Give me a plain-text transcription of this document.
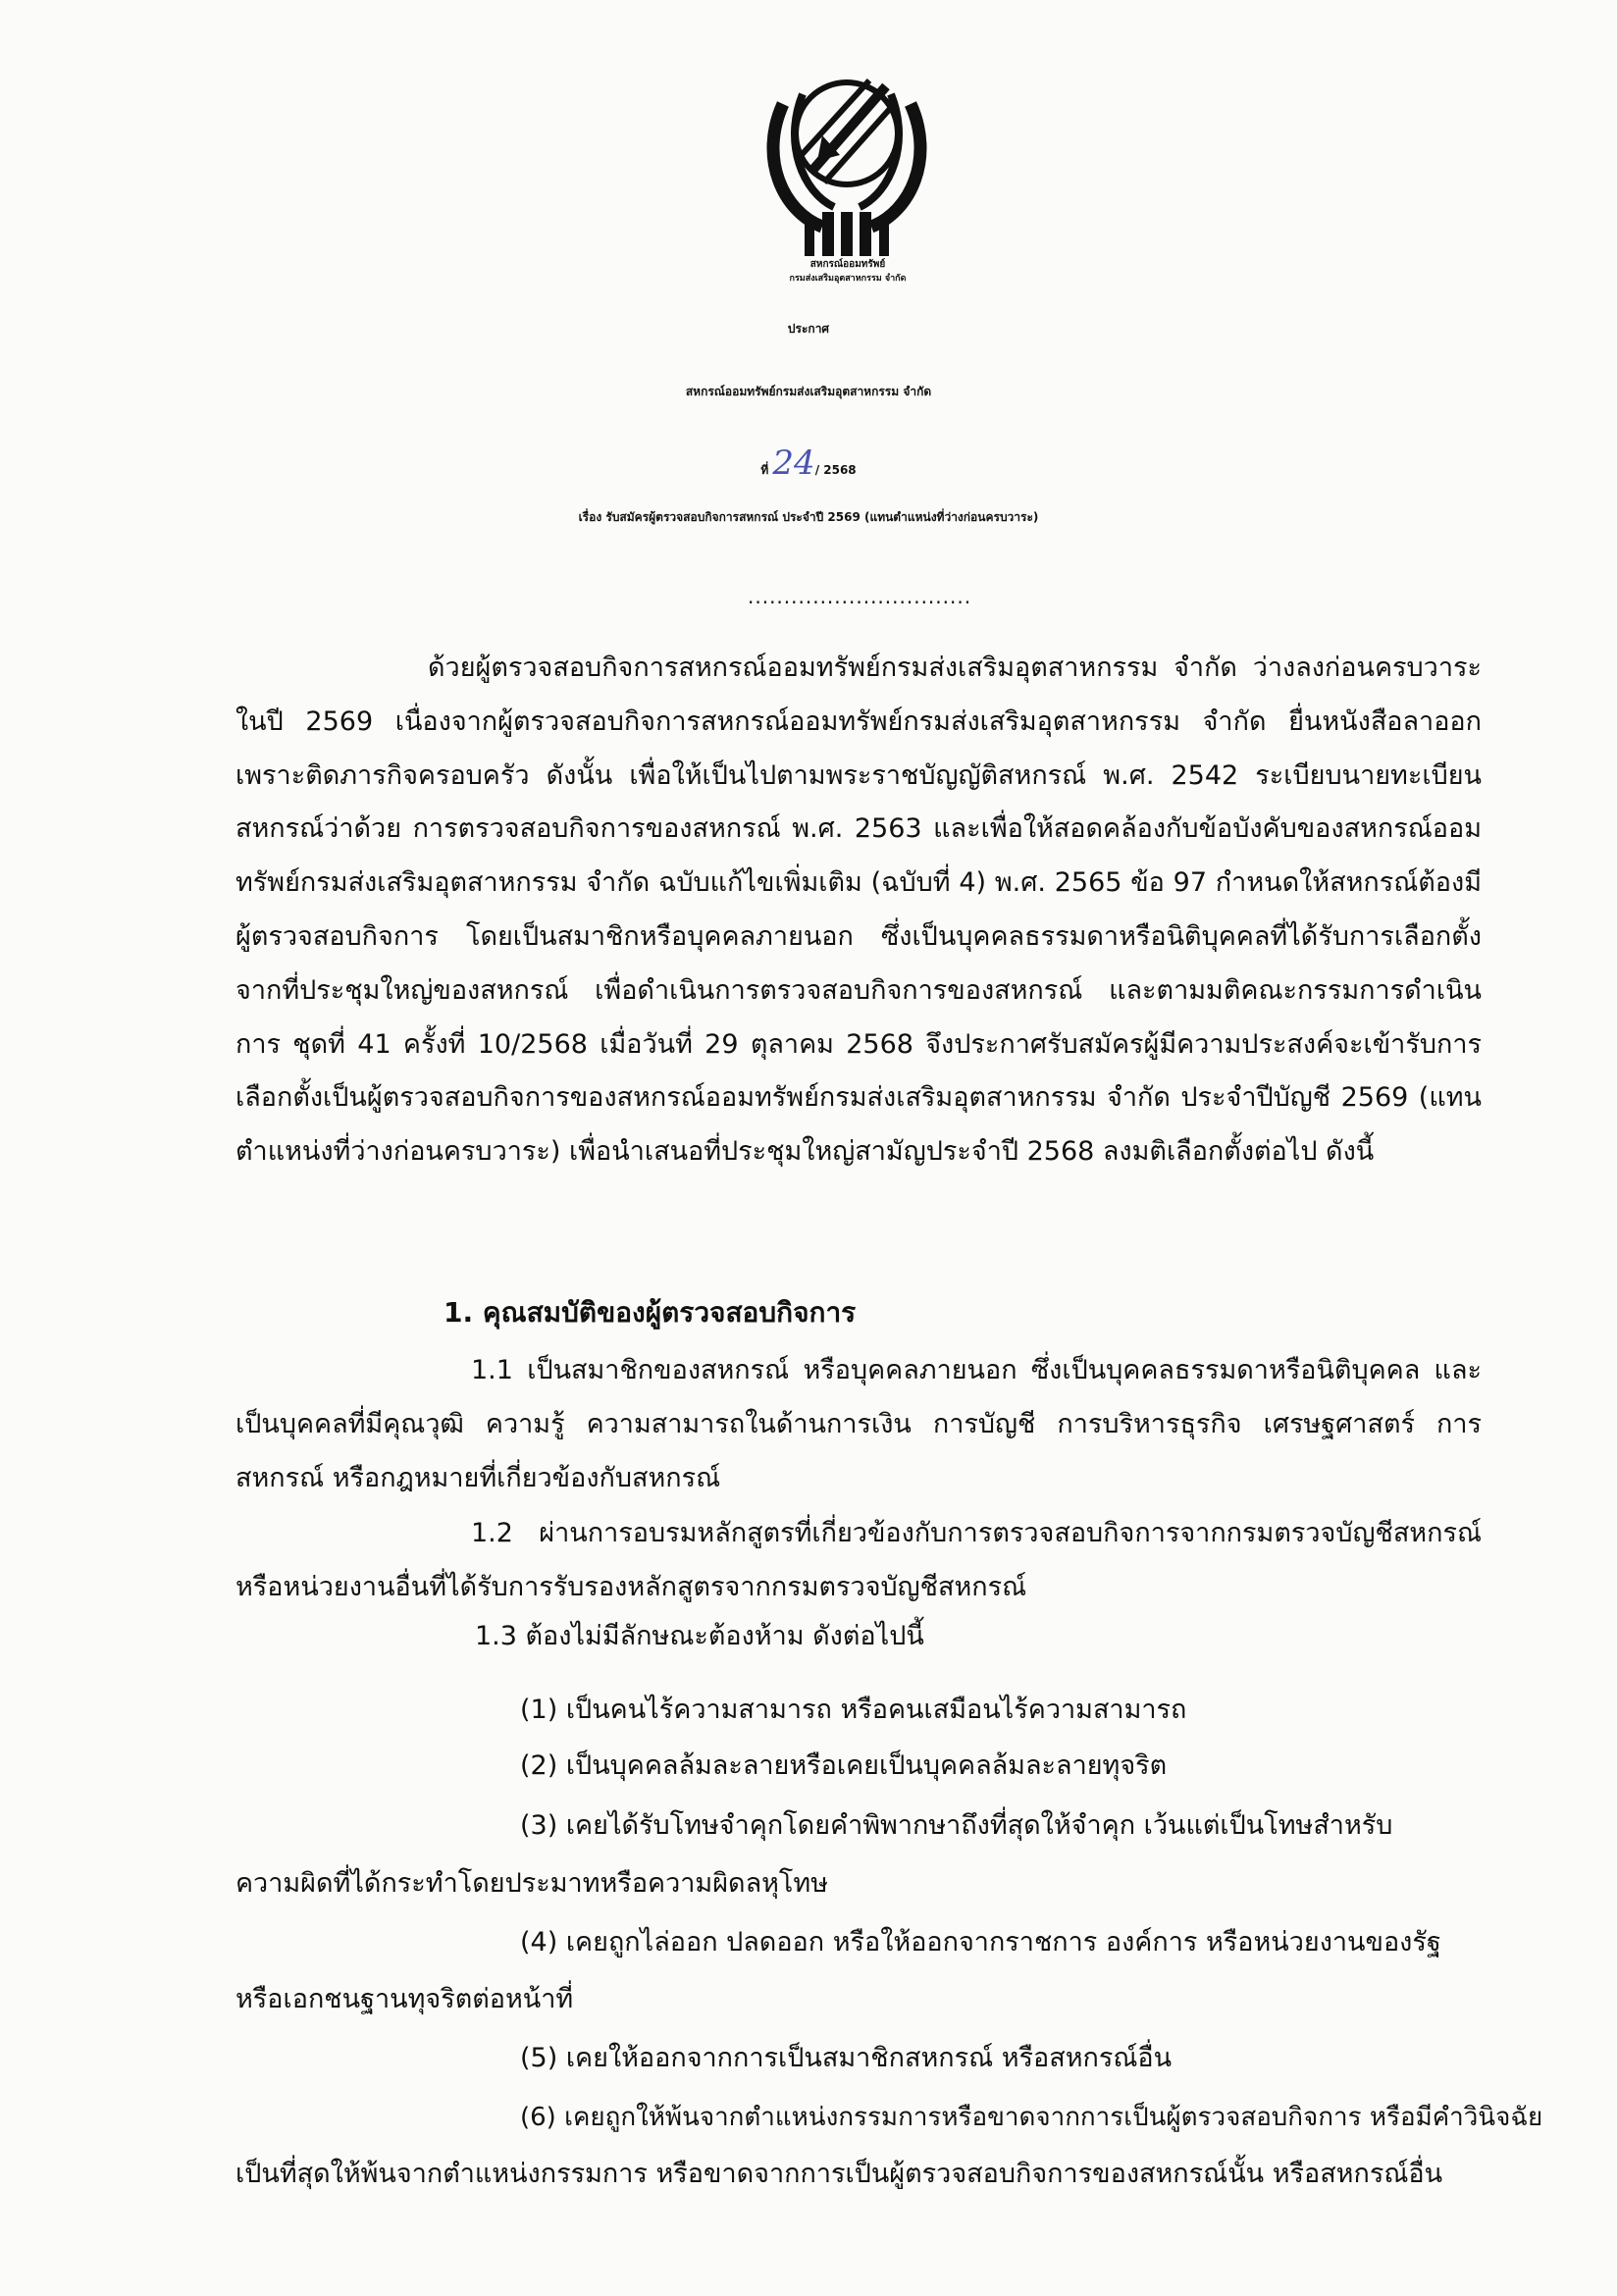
สหกรณ์ออมทรัพย์
กรมส่งเสริมอุตสาหกรรม จำกัด
ประกาศ
สหกรณ์ออมทรัพย์กรมส่งเสริมอุตสาหกรรม จำกัด
ที่ 24/ 2568
เรื่อง รับสมัครผู้ตรวจสอบกิจการสหกรณ์ ประจำปี 2569 (แทนตำแหน่งที่ว่างก่อนครบวาระ)
...............................
ด้วยผู้ตรวจสอบกิจการสหกรณ์ออมทรัพย์กรมส่งเสริมอุตสาหกรรม จำกัด ว่างลงก่อนครบวาระ ในปี 2569 เนื่องจากผู้ตรวจสอบกิจการสหกรณ์ออมทรัพย์กรมส่งเสริมอุตสาหกรรม จำกัด ยื่นหนังสือลาออก เพราะติดภารกิจครอบครัว ดังนั้น เพื่อให้เป็นไปตามพระราชบัญญัติสหกรณ์ พ.ศ. 2542 ระเบียบนายทะเบียนสหกรณ์ว่าด้วย การตรวจสอบกิจการของสหกรณ์ พ.ศ. 2563 และเพื่อให้สอดคล้องกับข้อบังคับของสหกรณ์ออมทรัพย์กรมส่งเสริมอุตสาหกรรม จำกัด ฉบับแก้ไขเพิ่มเติม (ฉบับที่ 4) พ.ศ. 2565 ข้อ 97 กำหนดให้สหกรณ์ต้องมีผู้ตรวจสอบกิจการ โดยเป็นสมาชิกหรือบุคคลภายนอก ซึ่งเป็นบุคคลธรรมดาหรือนิติบุคคลที่ได้รับการเลือกตั้งจากที่ประชุมใหญ่ของสหกรณ์ เพื่อดำเนินการตรวจสอบกิจการของสหกรณ์ และตามมติคณะกรรมการดำเนินการ ชุดที่ 41 ครั้งที่ 10/2568 เมื่อวันที่ 29 ตุลาคม 2568 จึงประกาศรับสมัครผู้มีความประสงค์จะเข้ารับการเลือกตั้งเป็นผู้ตรวจสอบกิจการของสหกรณ์ออมทรัพย์กรมส่งเสริมอุตสาหกรรม จำกัด ประจำปีบัญชี 2569 (แทนตำแหน่งที่ว่างก่อนครบวาระ) เพื่อนำเสนอที่ประชุมใหญ่สามัญประจำปี 2568 ลงมติเลือกตั้งต่อไป ดังนี้
1. คุณสมบัติของผู้ตรวจสอบกิจการ
1.1 เป็นสมาชิกของสหกรณ์ หรือบุคคลภายนอก ซึ่งเป็นบุคคลธรรมดาหรือนิติบุคคล และเป็นบุคคลที่มีคุณวุฒิ ความรู้ ความสามารถในด้านการเงิน การบัญชี การบริหารธุรกิจ เศรษฐศาสตร์ การสหกรณ์ หรือกฎหมายที่เกี่ยวข้องกับสหกรณ์
1.2 ผ่านการอบรมหลักสูตรที่เกี่ยวข้องกับการตรวจสอบกิจการจากกรมตรวจบัญชีสหกรณ์ หรือหน่วยงานอื่นที่ได้รับการรับรองหลักสูตรจากกรมตรวจบัญชีสหกรณ์
1.3 ต้องไม่มีลักษณะต้องห้าม ดังต่อไปนี้
(1) เป็นคนไร้ความสามารถ หรือคนเสมือนไร้ความสามารถ
(2) เป็นบุคคลล้มละลายหรือเคยเป็นบุคคลล้มละลายทุจริต
(3) เคยได้รับโทษจำคุกโดยคำพิพากษาถึงที่สุดให้จำคุก เว้นแต่เป็นโทษสำหรับ
ความผิดที่ได้กระทำโดยประมาทหรือความผิดลหุโทษ
(4) เคยถูกไล่ออก ปลดออก หรือให้ออกจากราชการ องค์การ หรือหน่วยงานของรัฐ
หรือเอกชนฐานทุจริตต่อหน้าที่
(5) เคยให้ออกจากการเป็นสมาชิกสหกรณ์ หรือสหกรณ์อื่น
(6) เคยถูกให้พ้นจากตำแหน่งกรรมการหรือขาดจากการเป็นผู้ตรวจสอบกิจการ หรือมีคำวินิจฉัย
เป็นที่สุดให้พ้นจากตำแหน่งกรรมการ หรือขาดจากการเป็นผู้ตรวจสอบกิจการของสหกรณ์นั้น หรือสหกรณ์อื่น
